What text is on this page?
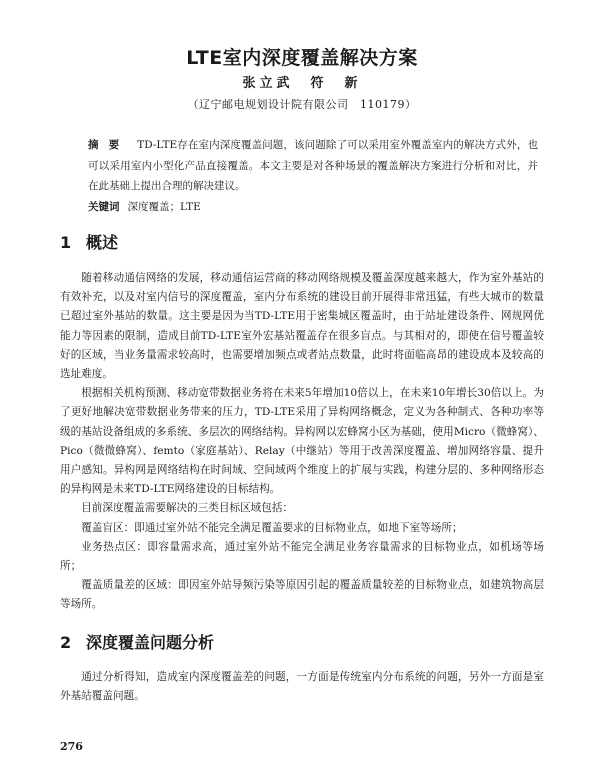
LTE室内深度覆盖解决方案
张立武　符　新
（辽宁邮电规划设计院有限公司　110179）

摘要 TD-LTE存在室内深度覆盖问题，该问题除了可以采用室外覆盖室内的解决方式外，也可以采用室内小型化产品直接覆盖。本文主要是对各种场景的覆盖解决方案进行分析和对比，并在此基础上提出合理的解决建议。

关键词 深度覆盖；LTE

1 概述

随着移动通信网络的发展，移动通信运营商的移动网络规模及覆盖深度越来越大，作为室外基站的有效补充，以及对室内信号的深度覆盖，室内分布系统的建设目前开展得非常迅猛，有些大城市的数量已超过室外基站的数量。这主要是因为当TD-LTE用于密集城区覆盖时，由于站址建设条件、网规网优能力等因素的限制，造成目前TD-LTE室外宏基站覆盖存在很多盲点。与其相对的，即使在信号覆盖较好的区域，当业务量需求较高时，也需要增加频点或者站点数量，此时将面临高昂的建设成本及较高的选址难度。

根据相关机构预测、移动宽带数据业务将在未来5年增加10倍以上，在未来10年增长30倍以上。为了更好地解决宽带数据业务带来的压力，TD-LTE采用了异构网络概念，定义为各种制式、各种功率等级的基站设备组成的多系统、多层次的网络结构。异构网以宏蜂窝小区为基础，使用Micro（微蜂窝）、Pico（微微蜂窝）、femto（家庭基站）、Relay（中继站）等用于改善深度覆盖、增加网络容量、提升用户感知。异构网是网络结构在时间域、空间域两个维度上的扩展与实践，构建分层的、多种网络形态的异构网是未来TD-LTE网络建设的目标结构。

目前深度覆盖需要解决的三类目标区域包括：

覆盖盲区：即通过室外站不能完全满足覆盖要求的目标物业点，如地下室等场所；

业务热点区：即容量需求高，通过室外站不能完全满足业务容量需求的目标物业点，如机场等场所；

覆盖质量差的区域：即因室外站导频污染等原因引起的覆盖质量较差的目标物业点，如建筑物高层等场所。

2 深度覆盖问题分析

通过分析得知，造成室内深度覆盖差的问题，一方面是传统室内分布系统的问题，另外一方面是室外基站覆盖问题。

276
